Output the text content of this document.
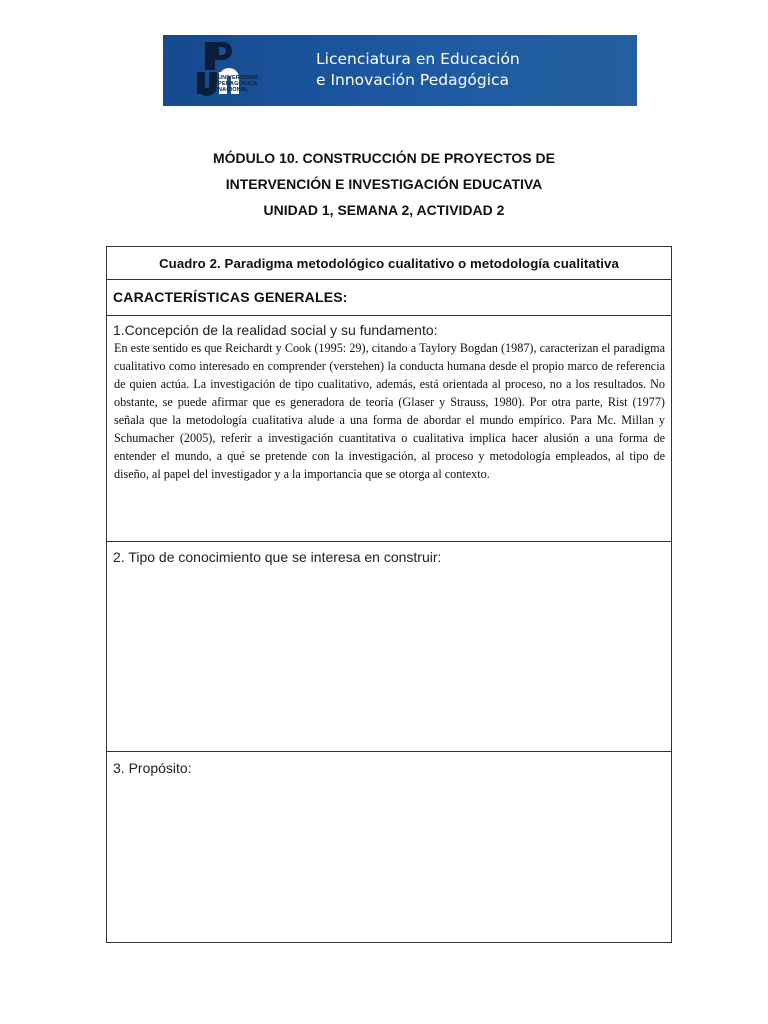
UNIVERSIDAD
PEDAGÓGICA
NACIONAL
Licenciatura en Educación
e Innovación Pedagógica
MÓDULO 10. CONSTRUCCIÓN DE PROYECTOS DE
INTERVENCIÓN E INVESTIGACIÓN EDUCATIVA
UNIDAD 1, SEMANA 2, ACTIVIDAD 2
Cuadro 2. Paradigma metodológico cualitativo o metodología cualitativa
CARACTERÍSTICAS GENERALES:
1.Concepción de la realidad social y su fundamento:
En este sentido es que Reichardt y Cook (1995: 29), citando a Taylory Bogdan (1987), caracterizan el paradigma cualitativo como interesado en comprender (verstehen) la conducta humana desde el propio marco de referencia de quien actúa. La investigación de tipo cualitativo, además, está orientada al proceso, no a los resultados. No obstante, se puede afirmar que es generadora de teoría (Glaser y Strauss, 1980). Por otra parte, Rist (1977) señala que la metodología cualitativa alude a una forma de abordar el mundo empírico. Para Mc. Millan y Schumacher (2005), referir a investigación cuantitativa o cualitativa implica hacer alusión a una forma de entender el mundo, a qué se pretende con la investigación, al proceso y metodología empleados, al tipo de diseño, al papel del investigador y a la importancia que se otorga al contexto.
2. Tipo de conocimiento que se interesa en construir:
3. Propósito:
